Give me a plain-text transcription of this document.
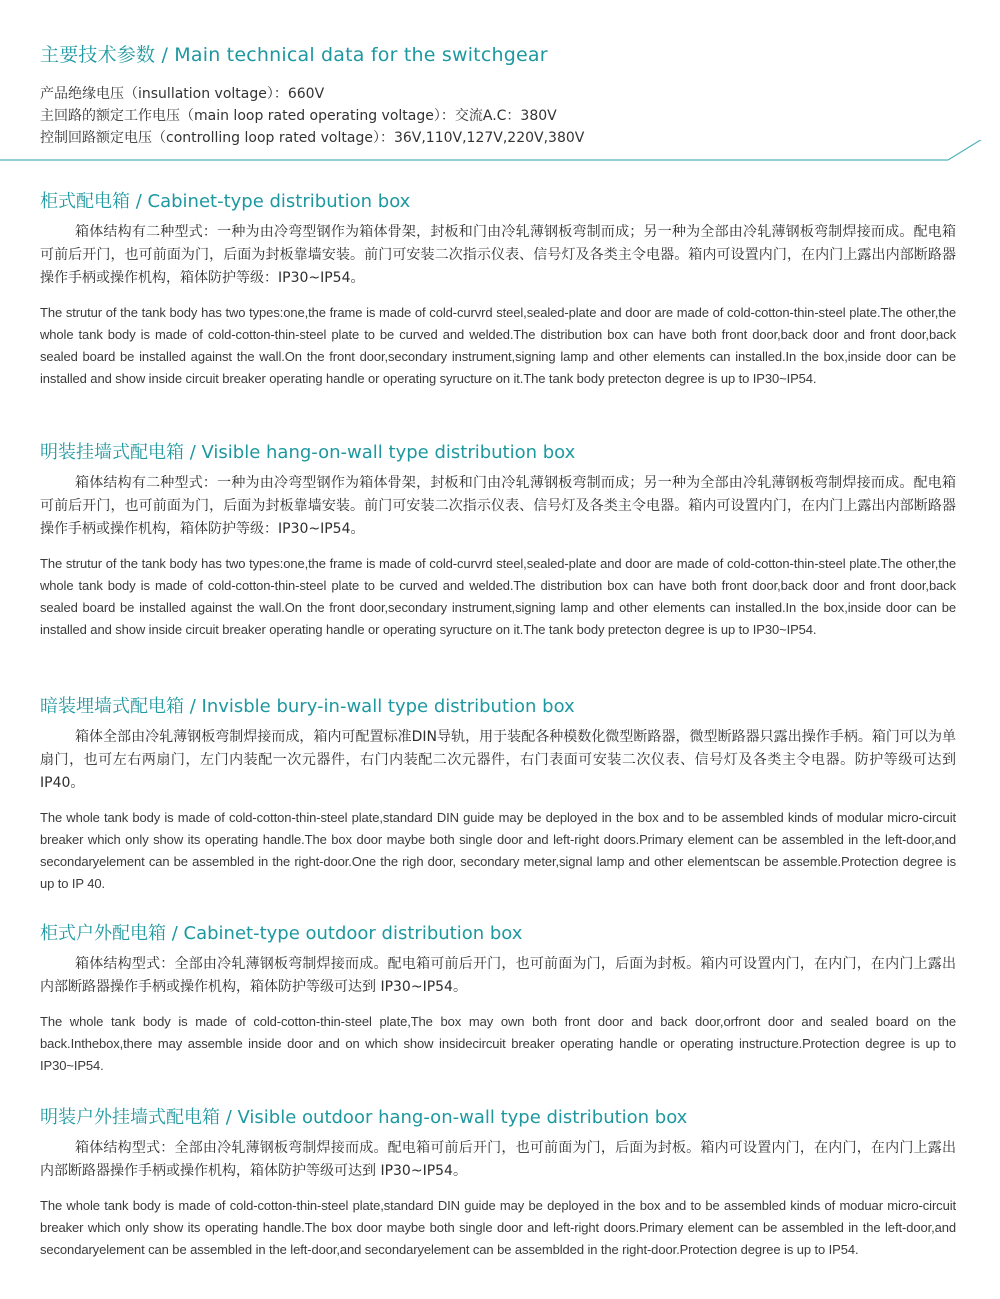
主要技术参数 / Main technical data for the switchgear

产品绝缘电压（insullation voltage）：660V

主回路的额定工作电压（main loop rated operating voltage）：交流A.C：380V

控制回路额定电压（controlling loop rated voltage）：36V,110V,127V,220V,380V

柜式配电箱 / Cabinet-type distribution box

箱体结构有二种型式：一种为由冷弯型钢作为箱体骨架，封板和门由冷轧薄钢板弯制而成；另一种为全部由冷轧薄钢板弯制焊接而成。配电箱可前后开门，也可前面为门，后面为封板靠墙安装。前门可安装二次指示仪表、信号灯及各类主令电器。箱内可设置内门，在内门上露出内部断路器操作手柄或操作机构，箱体防护等级：IP30~IP54。

The strutur of the tank body has two types:one,the frame is made of cold-curvrd steel,sealed-plate and door are made of cold-cotton-thin-steel plate.The other,the whole tank body is made of cold-cotton-thin-steel plate to be curved and welded.The distribution box can have both front door,back door and front door,back sealed board be installed against the wall.On the front door,secondary instrument,signing lamp and other elements can installed.In the box,inside door can be installed and show inside circuit breaker operating handle or operating syructure on it.The tank body pretecton degree is up to IP30~IP54.

明装挂墙式配电箱 / Visible hang-on-wall type distribution box

箱体结构有二种型式：一种为由冷弯型钢作为箱体骨架，封板和门由冷轧薄钢板弯制而成；另一种为全部由冷轧薄钢板弯制焊接而成。配电箱可前后开门，也可前面为门，后面为封板靠墙安装。前门可安装二次指示仪表、信号灯及各类主令电器。箱内可设置内门，在内门上露出内部断路器操作手柄或操作机构，箱体防护等级：IP30~IP54。

The strutur of the tank body has two types:one,the frame is made of cold-curvrd steel,sealed-plate and door are made of cold-cotton-thin-steel plate.The other,the whole tank body is made of cold-cotton-thin-steel plate to be curved and welded.The distribution box can have both front door,back door and front door,back sealed board be installed against the wall.On the front door,secondary instrument,signing lamp and other elements can installed.In the box,inside door can be installed and show inside circuit breaker operating handle or operating syructure on it.The tank body pretecton degree is up to IP30~IP54.

暗装埋墙式配电箱 / Invisble bury-in-wall type distribution box

箱体全部由冷轧薄钢板弯制焊接而成，箱内可配置标准DIN导轨，用于装配各种模数化微型断路器，微型断路器只露出操作手柄。箱门可以为单扇门，也可左右两扇门，左门内装配一次元器件，右门内装配二次元器件，右门表面可安装二次仪表、信号灯及各类主令电器。防护等级可达到IP40。

The whole tank body is made of cold-cotton-thin-steel plate,standard DIN guide may be deployed in the box and to be assembled kinds of modular micro-circuit breaker which only show its operating handle.The box door maybe both single door and left-right doors.Primary element can be assembled in the left-door,and secondaryelement can be assembled in the right-door.One the righ door, secondary meter,signal lamp and other elementscan be assemble.Protection degree is up to IP 40.

柜式户外配电箱 / Cabinet-type outdoor distribution box

箱体结构型式：全部由冷轧薄钢板弯制焊接而成。配电箱可前后开门，也可前面为门，后面为封板。箱内可设置内门，在内门，在内门上露出内部断路器操作手柄或操作机构，箱体防护等级可达到 IP30~IP54。

The whole tank body is made of cold-cotton-thin-steel plate,The box may own both front door and back door,orfront door and sealed board on the back.Inthebox,there may assemble inside door and on which show insidecircuit breaker operating handle or operating instructure.Protection degree is up to IP30~IP54.

明装户外挂墙式配电箱 / Visible outdoor hang-on-wall type distribution box

箱体结构型式：全部由冷轧薄钢板弯制焊接而成。配电箱可前后开门，也可前面为门，后面为封板。箱内可设置内门，在内门，在内门上露出内部断路器操作手柄或操作机构，箱体防护等级可达到 IP30~IP54。

The whole tank body is made of cold-cotton-thin-steel plate,standard DIN guide may be deployed in the box and to be assembled kinds of moduar micro-circuit breaker which only show its operating handle.The box door maybe both single door and left-right doors.Primary element can be assembled in the left-door,and secondaryelement can be assembled in the left-door,and secondaryelement can be assemblded in the right-door.Protection degree is up to IP54.
